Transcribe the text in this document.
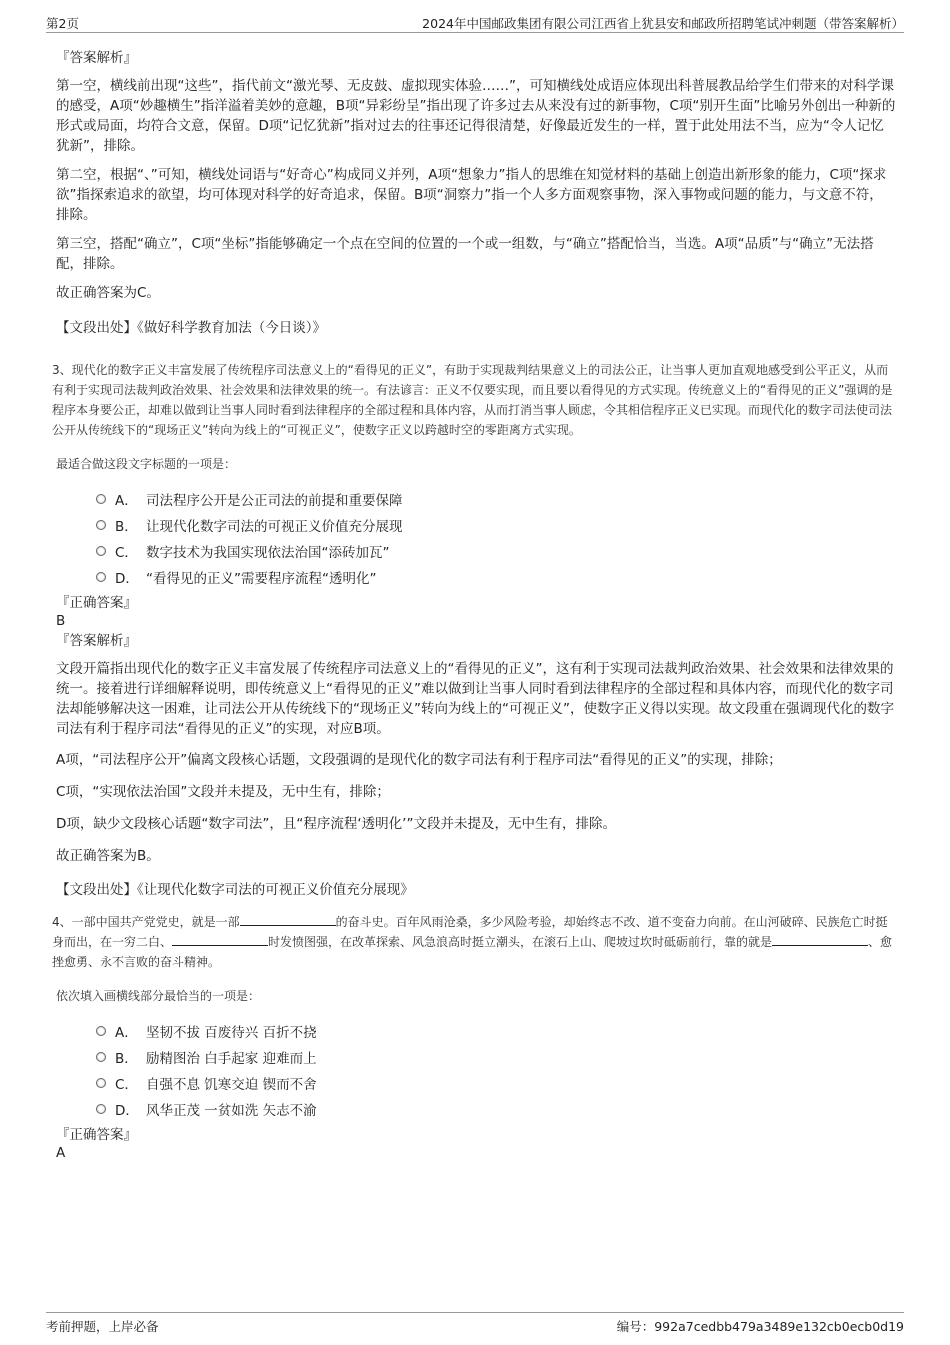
第2页	2024年中国邮政集团有限公司江西省上犹县安和邮政所招聘笔试冲刺题（带答案解析）

『答案解析』

第一空，横线前出现“这些”，指代前文“激光琴、无皮鼓、虚拟现实体验……”，可知横线处成语应体现出科普展教品给学生们带来的对科学课的感受，A项“妙趣横生”指洋溢着美妙的意趣，B项“异彩纷呈”指出现了许多过去从来没有过的新事物，C项“别开生面”比喻另外创出一种新的形式或局面，均符合文意，保留。D项“记忆犹新”指对过去的往事还记得很清楚，好像最近发生的一样，置于此处用法不当，应为“令人记忆犹新”，排除。

第二空，根据“、”可知，横线处词语与“好奇心”构成同义并列，A项“想象力”指人的思维在知觉材料的基础上创造出新形象的能力，C项“探求欲”指探索追求的欲望，均可体现对科学的好奇追求，保留。B项“洞察力”指一个人多方面观察事物，深入事物或问题的能力，与文意不符，排除。

第三空，搭配“确立”，C项“坐标”指能够确定一个点在空间的位置的一个或一组数，与“确立”搭配恰当，当选。A项“品质”与“确立”无法搭配，排除。

故正确答案为C。

【文段出处】《做好科学教育加法（今日谈）》

3、现代化的数字正义丰富发展了传统程序司法意义上的“看得见的正义”，有助于实现裁判结果意义上的司法公正，让当事人更加直观地感受到公平正义，从而有利于实现司法裁判政治效果、社会效果和法律效果的统一。有法谚言：正义不仅要实现，而且要以看得见的方式实现。传统意义上的“看得见的正义”强调的是程序本身要公正，却难以做到让当事人同时看到法律程序的全部过程和具体内容，从而打消当事人顾虑，令其相信程序正义已实现。而现代化的数字司法使司法公开从传统线下的“现场正义”转向为线上的“可视正义”，使数字正义以跨越时空的零距离方式实现。

最适合做这段文字标题的一项是：

A． 司法程序公开是公正司法的前提和重要保障
B． 让现代化数字司法的可视正义价值充分展现
C． 数字技术为我国实现依法治国“添砖加瓦”
D． “看得见的正义”需要程序流程“透明化”

『正确答案』

B

『答案解析』

文段开篇指出现代化的数字正义丰富发展了传统程序司法意义上的“看得见的正义”，这有利于实现司法裁判政治效果、社会效果和法律效果的统一。接着进行详细解释说明，即传统意义上“看得见的正义”难以做到让当事人同时看到法律程序的全部过程和具体内容，而现代化的数字司法却能够解决这一困难，让司法公开从传统线下的“现场正义”转向为线上的“可视正义”，使数字正义得以实现。故文段重在强调现代化的数字司法有利于程序司法“看得见的正义”的实现，对应B项。

A项，“司法程序公开”偏离文段核心话题，文段强调的是现代化的数字司法有利于程序司法“看得见的正义”的实现，排除；

C项，“实现依法治国”文段并未提及，无中生有，排除；

D项，缺少文段核心话题“数字司法”，且“程序流程‘透明化’”文段并未提及，无中生有，排除。

故正确答案为B。

【文段出处】《让现代化数字司法的可视正义价值充分展现》

4、一部中国共产党党史，就是一部	的奋斗史。百年风雨沧桑，多少风险考验，却始终志不改、道不变奋力向前。在山河破碎、民族危亡时挺身而出，在一穷二白、	时发愤图强，在改革探索、风急浪高时挺立潮头，在滚石上山、爬坡过坎时砥砺前行，靠的就是	、愈挫愈勇、永不言败的奋斗精神。

依次填入画横线部分最恰当的一项是：

A． 坚韧不拔 百废待兴 百折不挠
B． 励精图治 白手起家 迎难而上
C． 自强不息 饥寒交迫 锲而不舍
D． 风华正茂 一贫如洗 矢志不渝

『正确答案』

A

考前押题，上岸必备	编号：992a7cedbb479a3489e132cb0ecb0d19
